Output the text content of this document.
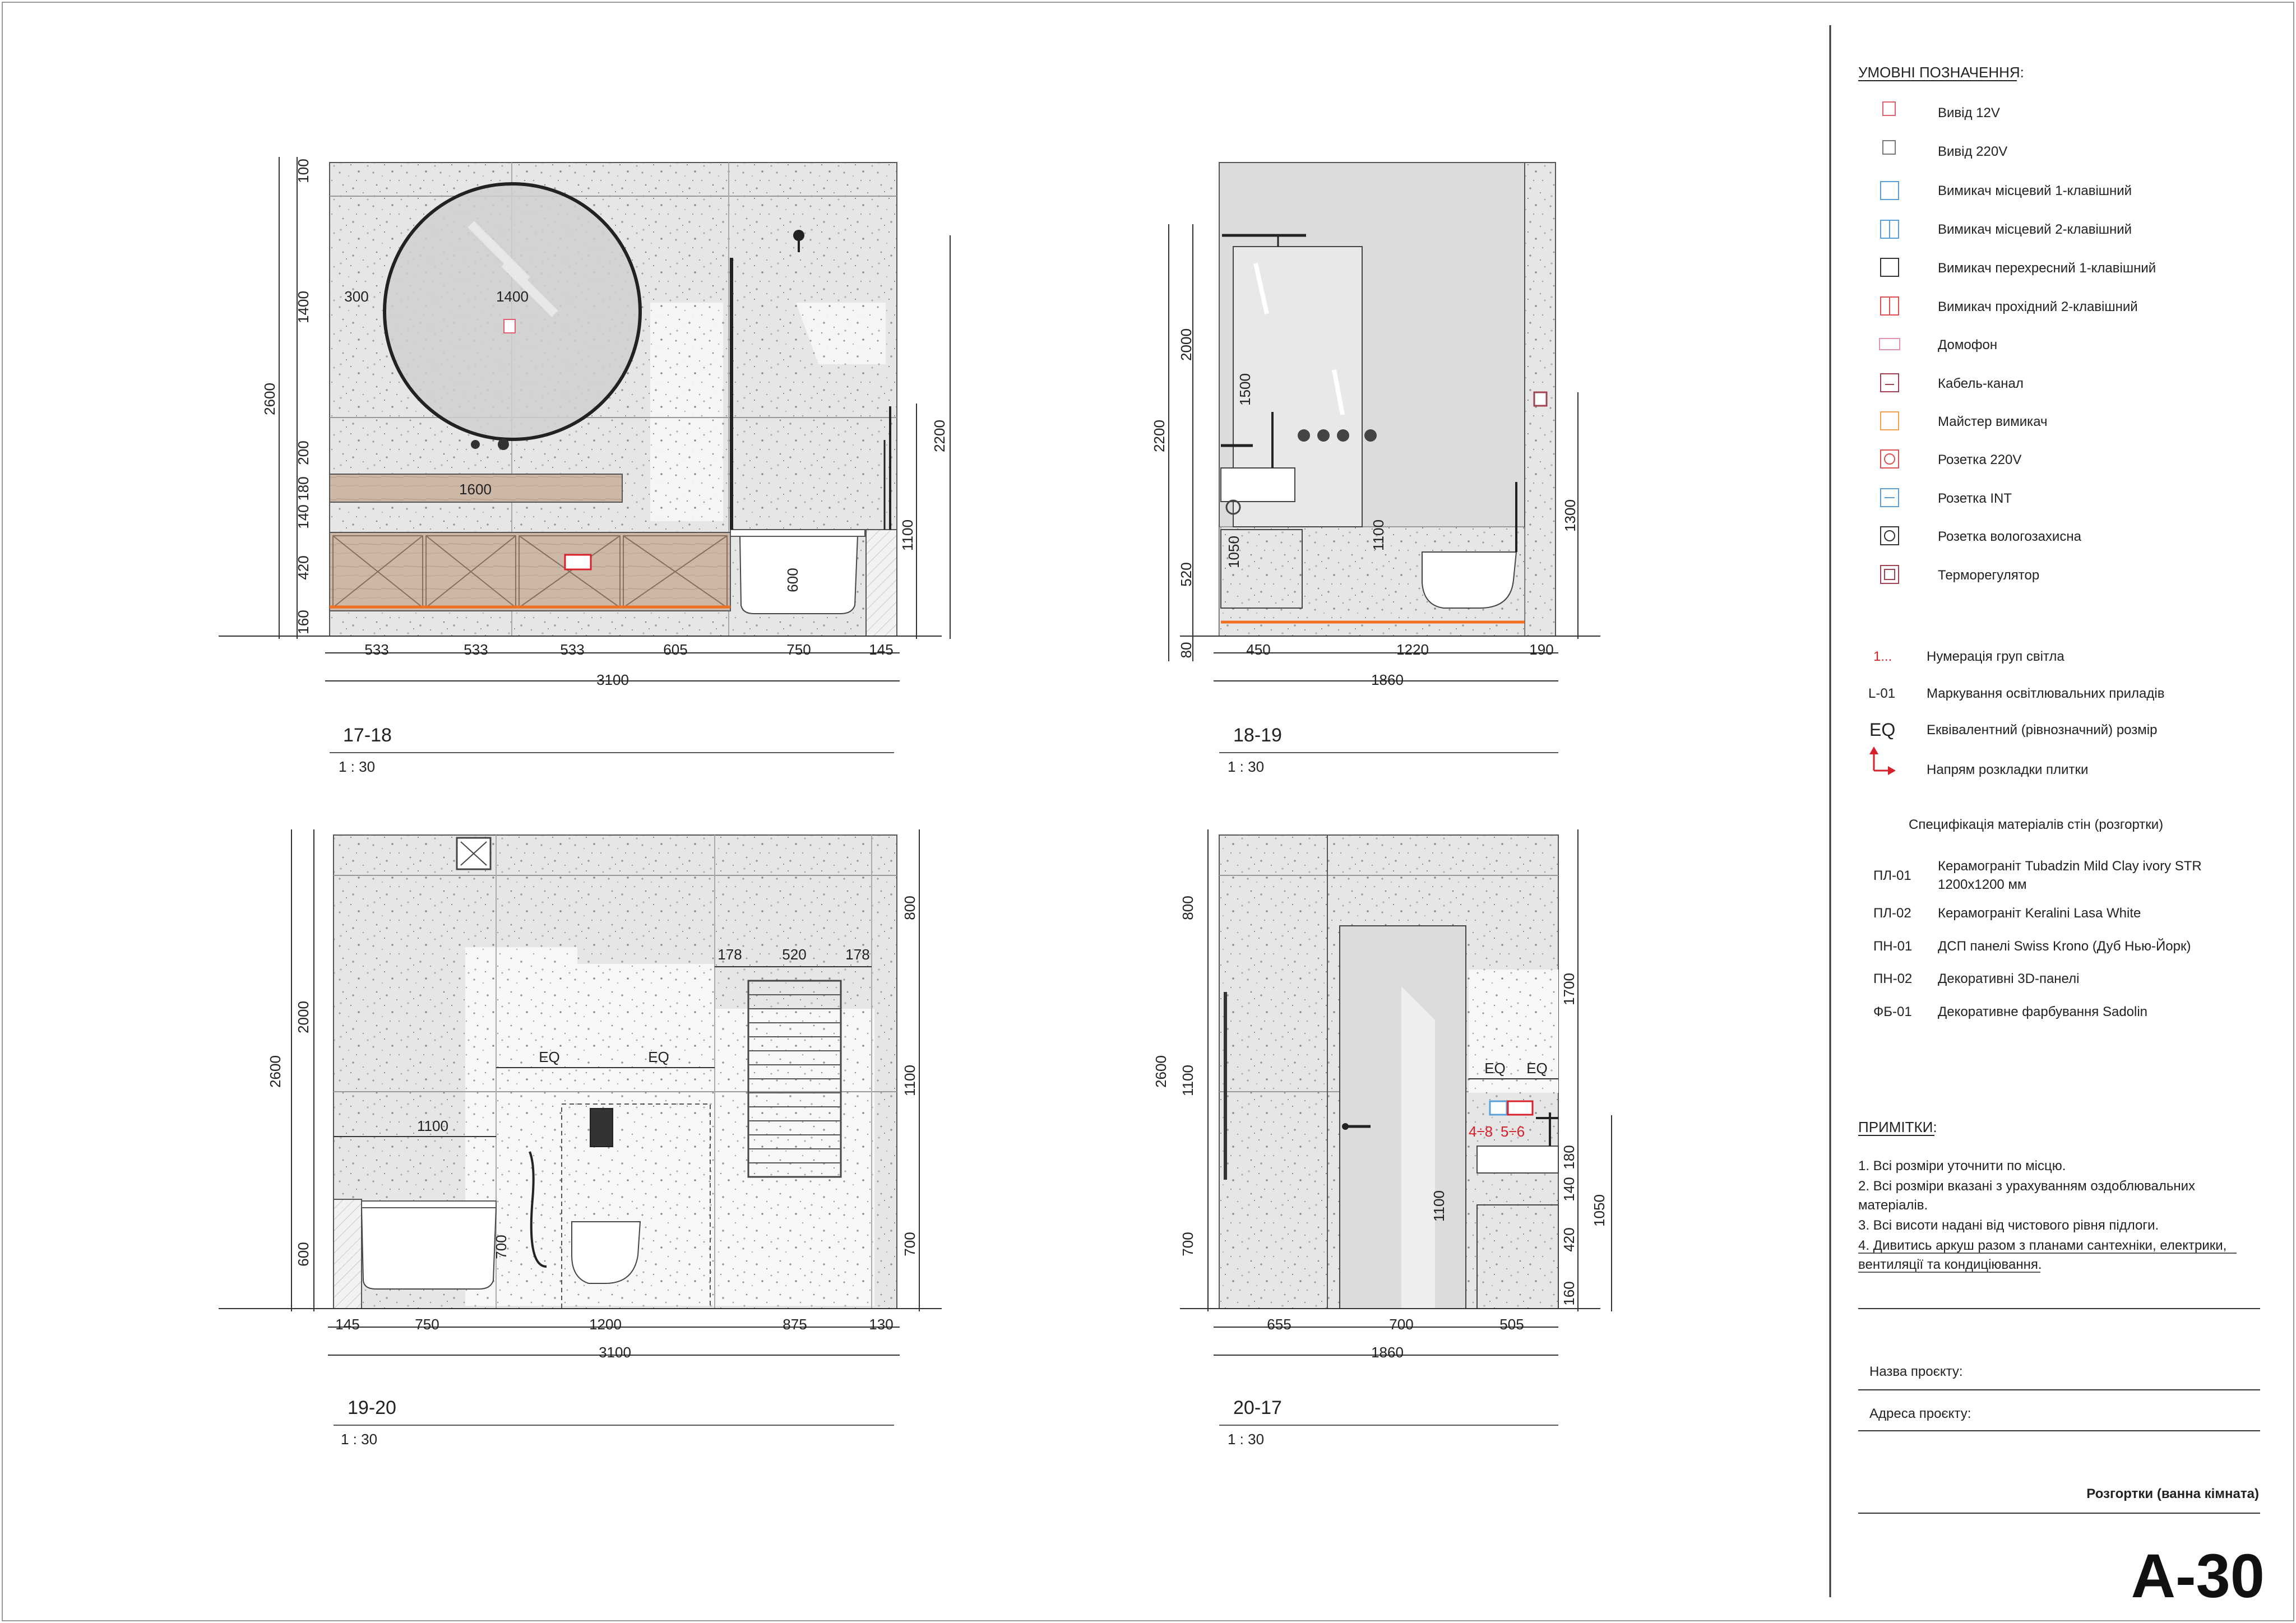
533	533	533	605	750	145
3100
100
1400
200
180
140
420
160
2600
2200
1100
300	1400
1600
600
17-18
1 : 30
450	1220	190
1860
2000
520
80
2200
1300
1500
1050
1100
18-19
1 : 30
145	750	1200	875	130
3100
2000
600
2600
800
1100
700
178	520	178
EQ	EQ
1100
700
19-20
1 : 30
655	700	505
1860
800
1100
700
2600
1700
180
140
1050
420
160
EQ EQ
1100
4÷8 5÷6
20-17
1 : 30
УМОВНІ ПОЗНАЧЕННЯ:
Вивід 12V
Вивід 220V
Вимикач місцевий 1-клавішний
Вимикач місцевий 2-клавішний
Вимикач перехресний 1-клавішний
Вимикач прохідний 2-клавішний
Домофон
Кабель-канал
Майстер вимикач
Розетка 220V
Розетка INT
Розетка вологозахисна
Терморегулятор
1...	Нумерація груп світла
L-01 Маркування освітлювальних приладів
EQ Еквівалентний (рівнозначний) розмір
Напрям розкладки плитки
Специфікація матеріалів стін (розгортки)
ПЛ-01
Керамограніт Tubadzin Mild Clay ivory STR
1200х1200 мм
ПЛ-02 Керамограніт Keralini Lasa White
ПН-01 ДСП панелі Swiss Krono (Дуб Нью-Йорк)
ПН-02 Декоративні 3D-панелі
ФБ-01 Декоративне фарбування Sadolin
ПРИМІТКИ:
1. Всі розміри уточнити по місцю.
2. Всі розміри вказані з урахуванням оздоблювальних
матеріалів.
3. Всі висоти надані від чистового рівня підлоги.
4. Дивитись аркуш разом з планами сантехніки, електрики,
вентиляції та кондиціювання.
Назва проєкту:
Адреса проєкту:
Розгортки (ванна кімната)
A-30
